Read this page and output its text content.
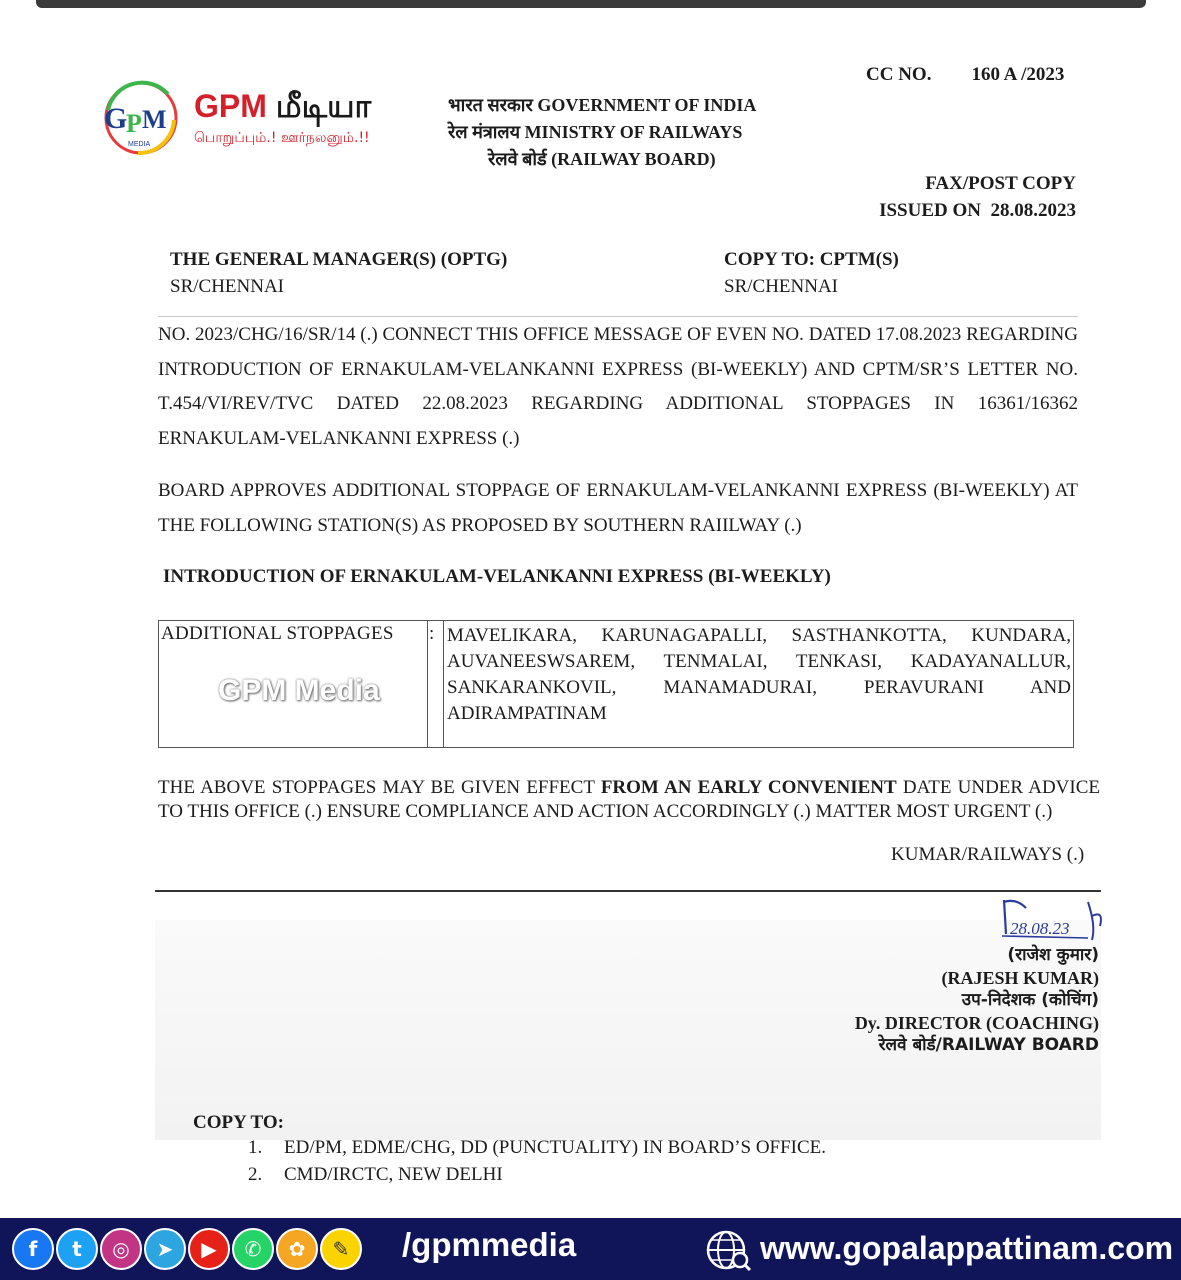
G
P M
MEDIA
GPM மீடியா
பொறுப்பும்.! ஊர்நலனும்.!!
भारत सरकार GOVERNMENT OF INDIA
रेल मंत्रालय MINISTRY OF RAILWAYS
रेलवे बोर्ड (RAILWAY BOARD)
CC NO. 160 A /2023
FAX/POST COPY
ISSUED ON 28.08.2023
THE GENERAL MANAGER(S) (OPTG)
SR/CHENNAI
COPY TO: CPTM(S)
SR/CHENNAI
NO. 2023/CHG/16/SR/14 (.) CONNECT THIS OFFICE MESSAGE OF EVEN NO. DATED 17.08.2023 REGARDING INTRODUCTION OF ERNAKULAM-VELANKANNI EXPRESS (BI-WEEKLY) AND CPTM/SR’S LETTER NO. T.454/VI/REV/TVC DATED 22.08.2023 REGARDING ADDITIONAL STOPPAGES IN 16361/16362 ERNAKULAM-VELANKANNI EXPRESS (.)
BOARD APPROVES ADDITIONAL STOPPAGE OF ERNAKULAM-VELANKANNI EXPRESS (BI-WEEKLY) AT THE FOLLOWING STATION(S) AS PROPOSED BY SOUTHERN RAIILWAY (.)
INTRODUCTION OF ERNAKULAM-VELANKANNI EXPRESS (BI-WEEKLY)
ADDITIONAL STOPPAGES : MAVELIKARA, KARUNAGAPALLI, SASTHANKOTTA, KUNDARA, AUVANEESWSAREM, TENMALAI, TENKASI, KADAYANALLUR, SANKARANKOVIL, MANAMADURAI, PERAVURANI AND ADIRAMPATINAM
GPM Media
THE ABOVE STOPPAGES MAY BE GIVEN EFFECT FROM AN EARLY CONVENIENT DATE UNDER ADVICE TO THIS OFFICE (.) ENSURE COMPLIANCE AND ACTION ACCORDINGLY (.) MATTER MOST URGENT (.)
KUMAR/RAILWAYS (.)
28.08.23
(राजेश कुमार)
(RAJESH KUMAR)
उप-निदेशक (कोचिंग)
Dy. DIRECTOR (COACHING)
रेलवे बोर्ड/RAILWAY BOARD
COPY TO:
1. ED/PM, EDME/CHG, DD (PUNCTUALITY) IN BOARD’S OFFICE.
2. CMD/IRCTC, NEW DELHI
f	t	◎	➤	▶	✆	✿	✎	/gpmmedia	www.gopalappattinam.com
